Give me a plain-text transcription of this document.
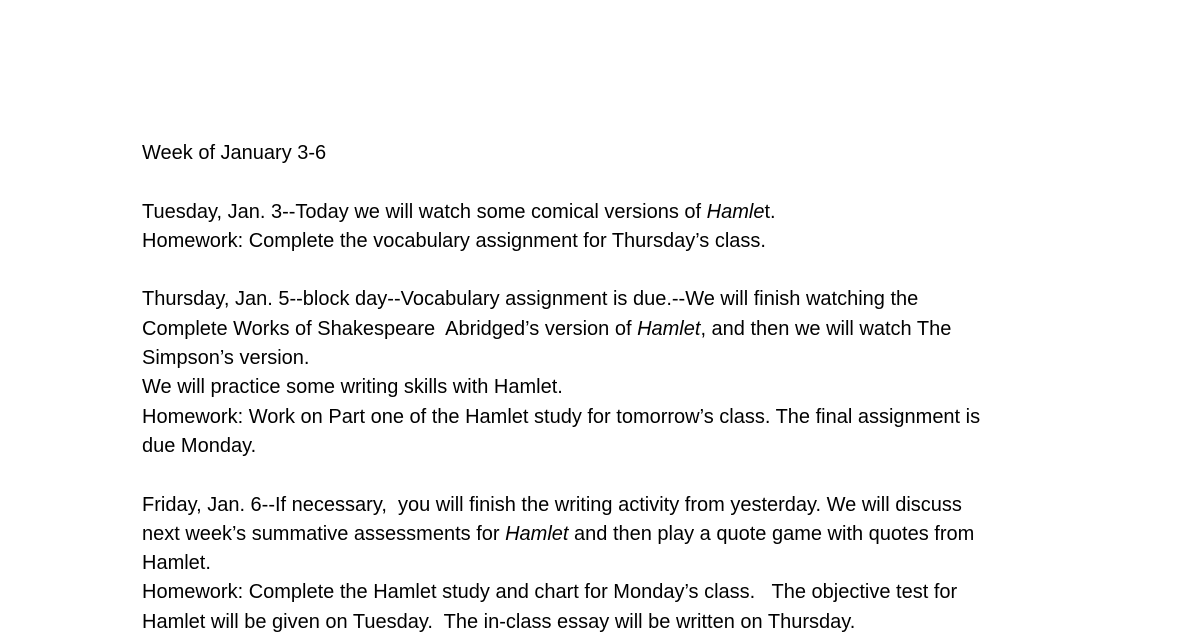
Week of January 3-6
Tuesday, Jan. 3--Today we will watch some comical versions of Hamlet.
Homework: Complete the vocabulary assignment for Thursday’s class.
Thursday, Jan. 5--block day--Vocabulary assignment is due.--We will finish watching the
Complete Works of Shakespeare  Abridged’s version of Hamlet, and then we will watch The
Simpson’s version.
We will practice some writing skills with Hamlet.
Homework: Work on Part one of the Hamlet study for tomorrow’s class. The final assignment is
due Monday.
Friday, Jan. 6--If necessary,  you will finish the writing activity from yesterday. We will discuss
next week’s summative assessments for Hamlet and then play a quote game with quotes from
Hamlet.
Homework: Complete the Hamlet study and chart for Monday’s class.   The objective test for
Hamlet will be given on Tuesday.  The in-class essay will be written on Thursday.
